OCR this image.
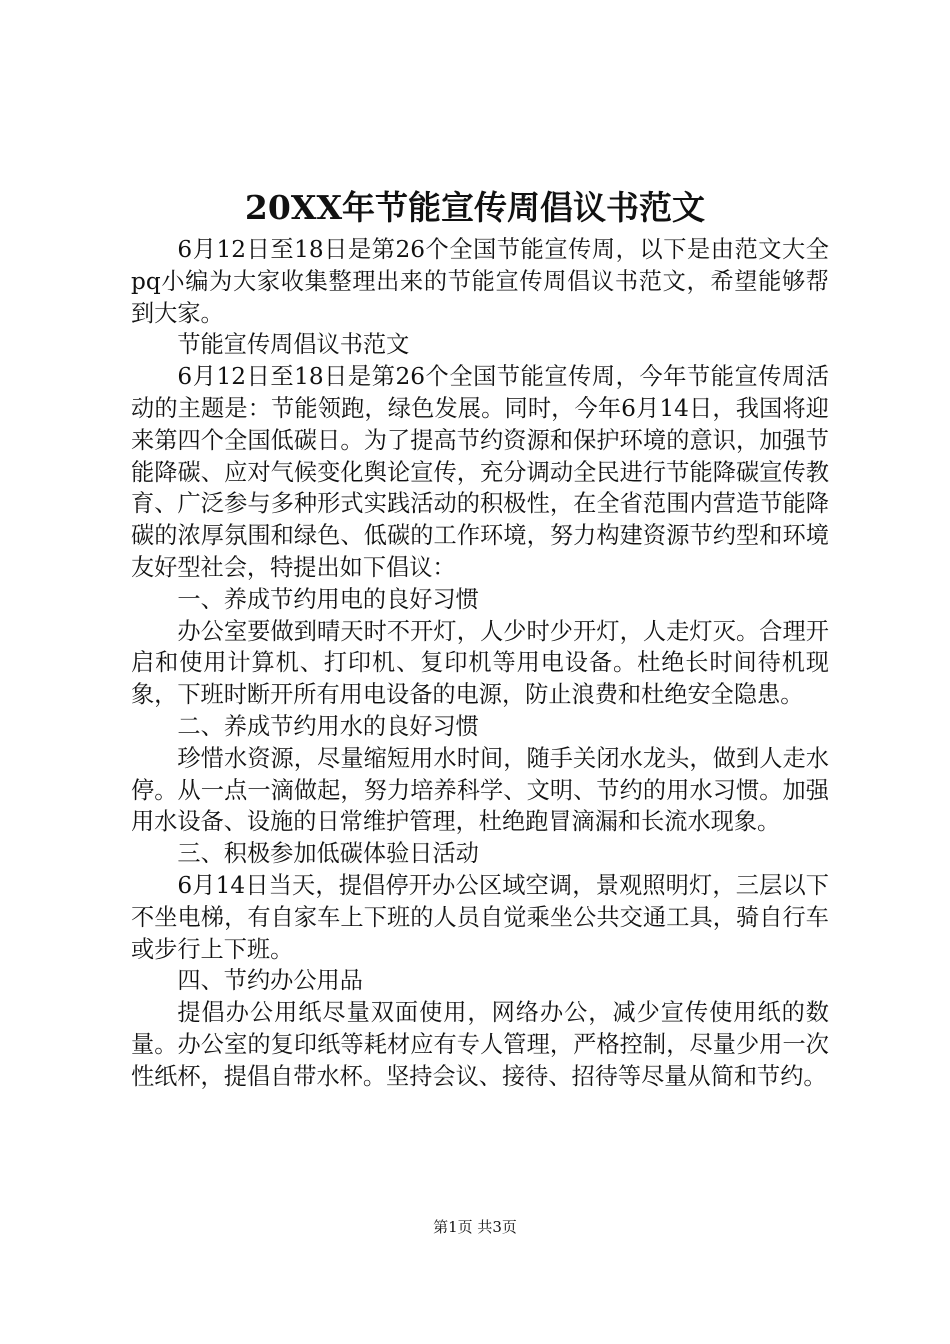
20XX年节能宣传周倡议书范文

6月12日至18日是第26个全国节能宣传周，以下是由范文大全pq小编为大家收集整理出来的节能宣传周倡议书范文，希望能够帮到大家。

节能宣传周倡议书范文

6月12日至18日是第26个全国节能宣传周，今年节能宣传周活动的主题是：节能领跑，绿色发展。同时，今年6月14日，我国将迎来第四个全国低碳日。为了提高节约资源和保护环境的意识，加强节能降碳、应对气候变化舆论宣传，充分调动全民进行节能降碳宣传教育、广泛参与多种形式实践活动的积极性，在全省范围内营造节能降碳的浓厚氛围和绿色、低碳的工作环境，努力构建资源节约型和环境友好型社会，特提出如下倡议：

一、养成节约用电的良好习惯

办公室要做到晴天时不开灯，人少时少开灯，人走灯灭。合理开启和使用计算机、打印机、复印机等用电设备。杜绝长时间待机现象，下班时断开所有用电设备的电源，防止浪费和杜绝安全隐患。

二、养成节约用水的良好习惯

珍惜水资源，尽量缩短用水时间，随手关闭水龙头，做到人走水停。从一点一滴做起，努力培养科学、文明、节约的用水习惯。加强用水设备、设施的日常维护管理，杜绝跑冒滴漏和长流水现象。

三、积极参加低碳体验日活动

6月14日当天，提倡停开办公区域空调，景观照明灯，三层以下不坐电梯，有自家车上下班的人员自觉乘坐公共交通工具，骑自行车或步行上下班。

四、节约办公用品

提倡办公用纸尽量双面使用，网络办公，减少宣传使用纸的数量。办公室的复印纸等耗材应有专人管理，严格控制，尽量少用一次性纸杯，提倡自带水杯。坚持会议、接待、招待等尽量从简和节约。

第1页 共3页
